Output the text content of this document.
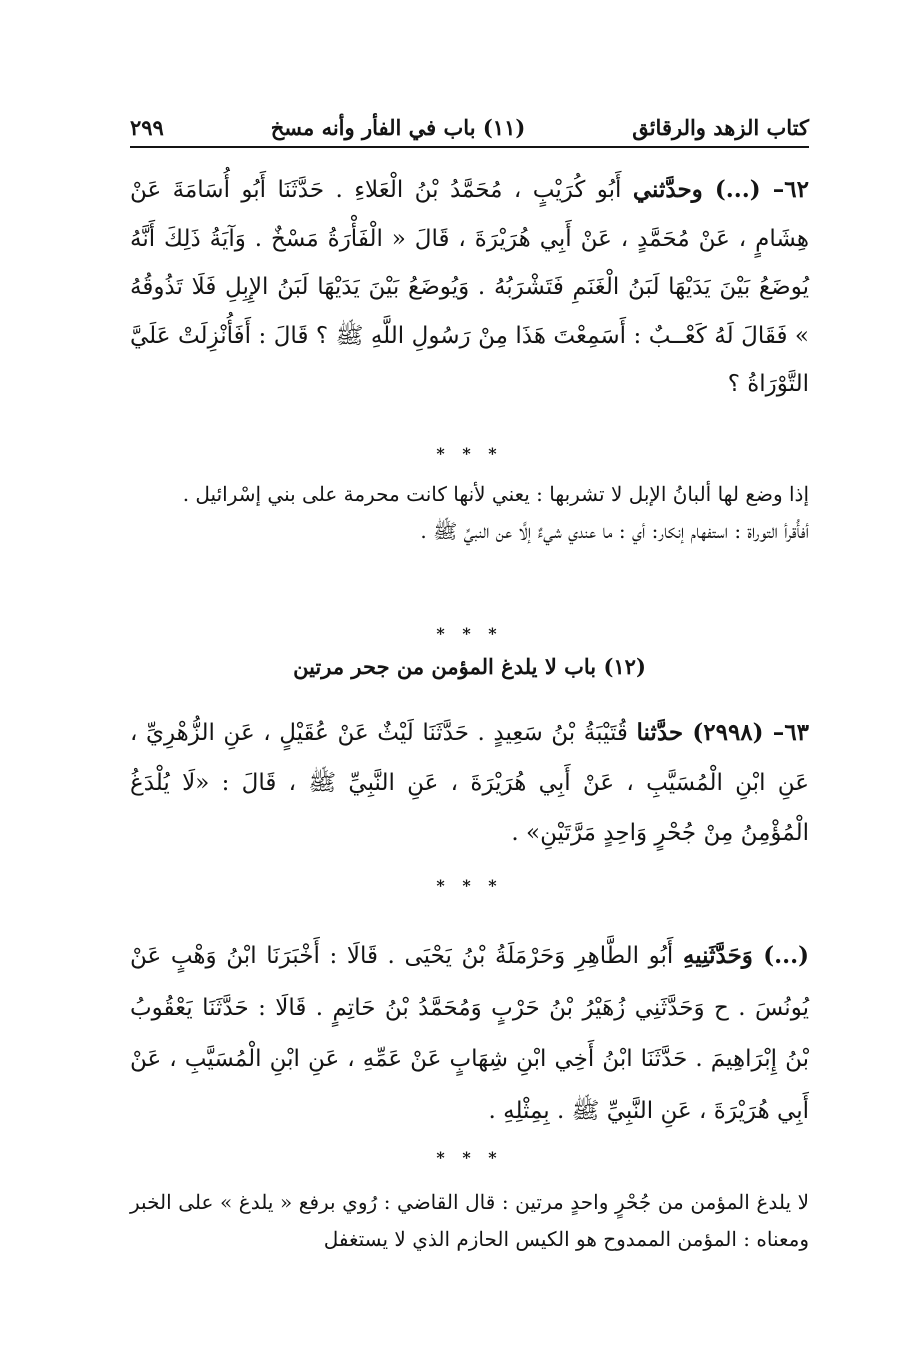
كتاب الزهد والرقائق
(١١) باب في الفأر وأنه مسخ
٢٩٩
٦٢– (...) وحدَّثني أَبُو كُرَيْبٍ ، مُحَمَّدُ بْنُ الْعَلاءِ . حَدَّثَنَا أَبُو أُسَامَةَ عَنْ هِشَامٍ ، عَنْ مُحَمَّدٍ ، عَنْ أَبِي هُرَيْرَةَ ، قَالَ « الْفَأْرَةُ مَسْخٌ . وَآيَةُ ذَلِكَ أَنَّهُ يُوضَعُ بَيْنَ يَدَيْهَا لَبَنُ الْغَنَمِ فَتَشْرَبُهُ . وَيُوضَعُ بَيْنَ يَدَيْهَا لَبَنُ الإِبِلِ فَلَا تَذُوقُهُ » فَقَالَ لَهُ كَعْــبٌ : أَسَمِعْتَ هَذَا مِنْ رَسُولِ اللَّهِ ﷺ ؟ قَالَ : أَفَأُنْزِلَتْ عَلَيَّ التَّوْرَاةُ ؟
* * *
إذا وضع لها ألبانُ الإبل لا تشربها : يعني لأنها كانت محرمة على بني إسْرائيل .
أفأُقرأ التوراة : استفهام إنكار: أي : ما عندي شيءٌ إلَّا عن النبيِّ ﷺ .
* * *
(١٢) باب لا يلدغ المؤمن من جحر مرتين
٦٣– (٢٩٩٨) حدَّثنا قُتَيْبَةُ بْنُ سَعِيدٍ . حَدَّثَنَا لَيْثٌ عَنْ عُقَيْلٍ ، عَنِ الزُّهْرِيِّ ، عَنِ ابْنِ الْمُسَيَّبِ ، عَنْ أَبِي هُرَيْرَةَ ، عَنِ النَّبِيِّ ﷺ ، قَالَ : «لَا يُلْدَغُ الْمُؤْمِنُ مِنْ جُحْرٍ وَاحِدٍ مَرَّتَيْنِ» .
* * *
(...) وَحَدَّثَنِيهِ أَبُو الطَّاهِرِ وَحَرْمَلَةُ بْنُ يَحْيَى . قَالَا : أَخْبَرَنَا ابْنُ وَهْبٍ عَنْ يُونُسَ . ح وَحَدَّثَنِي زُهَيْرُ بْنُ حَرْبٍ وَمُحَمَّدُ بْنُ حَاتِمٍ . قَالَا : حَدَّثَنَا يَعْقُوبُ بْنُ إِبْرَاهِيمَ . حَدَّثَنَا ابْنُ أَخِي ابْنِ شِهَابٍ عَنْ عَمِّهِ ، عَنِ ابْنِ الْمُسَيَّبِ ، عَنْ أَبِي هُرَيْرَةَ ، عَنِ النَّبِيِّ ﷺ . بِمِثْلِهِ .
* * *
لا يلدغ المؤمن من جُحْرٍ واحدٍ مرتين : قال القاضي : رُوي برفع « يلدغ » على الخبر ومعناه : المؤمن الممدوح هو الكيس الحازم الذي لا يستغفل
